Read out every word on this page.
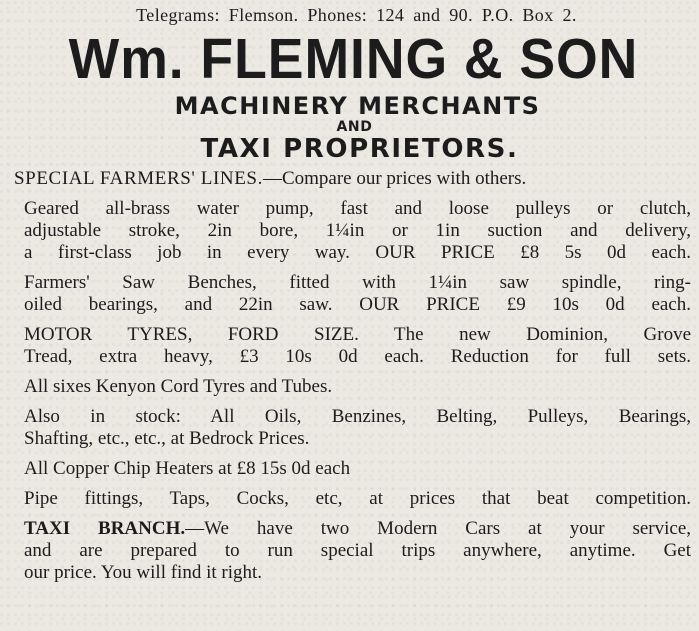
Telegrams: Flemson. Phones: 124 and 90. P.O. Box 2.
Wm. FLEMING & SON
MACHINERY MERCHANTS
AND
TAXI PROPRIETORS.

SPECIAL FARMERS' LINES.—Compare our prices with others.

Geared all-brass water pump, fast and loose pulleys or clutch,
adjustable stroke, 2in bore, 1¼in or 1in suction and delivery,
a first-class job in every way. OUR PRICE £8 5s 0d each.

Farmers' Saw Benches, fitted with 1¼in saw spindle, ring-
oiled bearings, and 22in saw. OUR PRICE £9 10s 0d each.

MOTOR TYRES, FORD SIZE. The new Dominion, Grove
Tread, extra heavy, £3 10s 0d each. Reduction for full sets.

All sixes Kenyon Cord Tyres and Tubes.

Also in stock: All Oils, Benzines, Belting, Pulleys, Bearings,
Shafting, etc., etc., at Bedrock Prices.

All Copper Chip Heaters at £8 15s 0d each

Pipe fittings, Taps, Cocks, etc, at prices that beat competition.

TAXI BRANCH.—We have two Modern Cars at your service,
and are prepared to run special trips anywhere, anytime. Get
our price. You will find it right.
